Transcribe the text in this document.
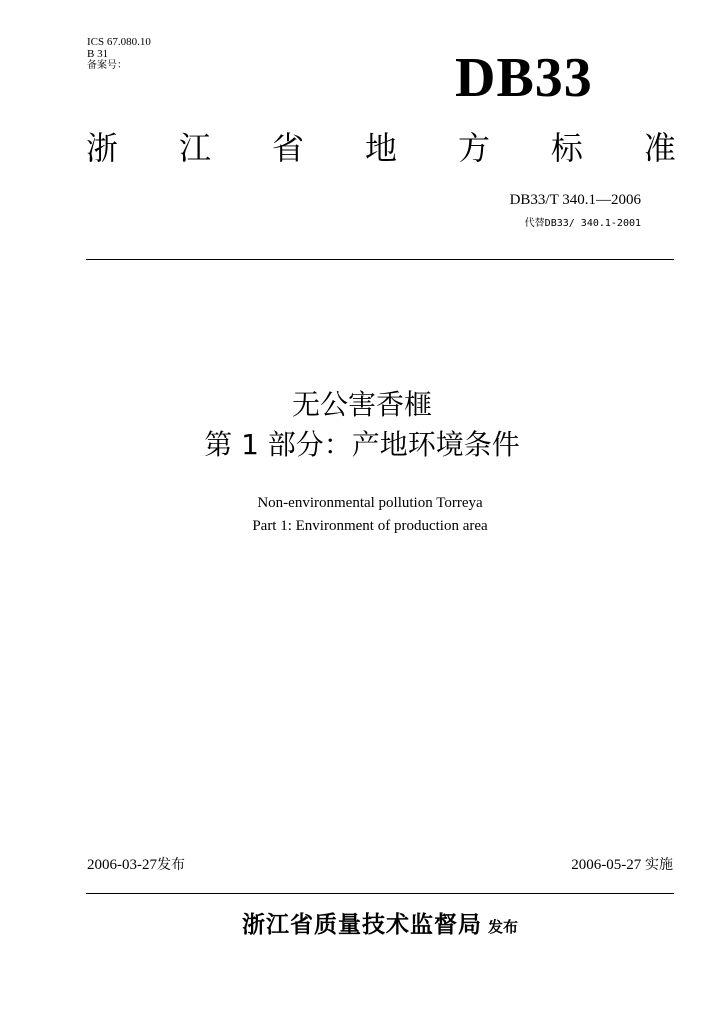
ICS 67.080.10
B 31
备案号：	DB33
浙 江 省 地 方 标 准
DB33/T 340.1—2006
代替DB33/ 340.1-2001
无公害香榧
第 1 部分：产地环境条件
Non-environmental pollution Torreya
Part 1: Environment of production area
2006-03-27发布	2006-05-27 实施
浙江省质量技术监督局 发布
